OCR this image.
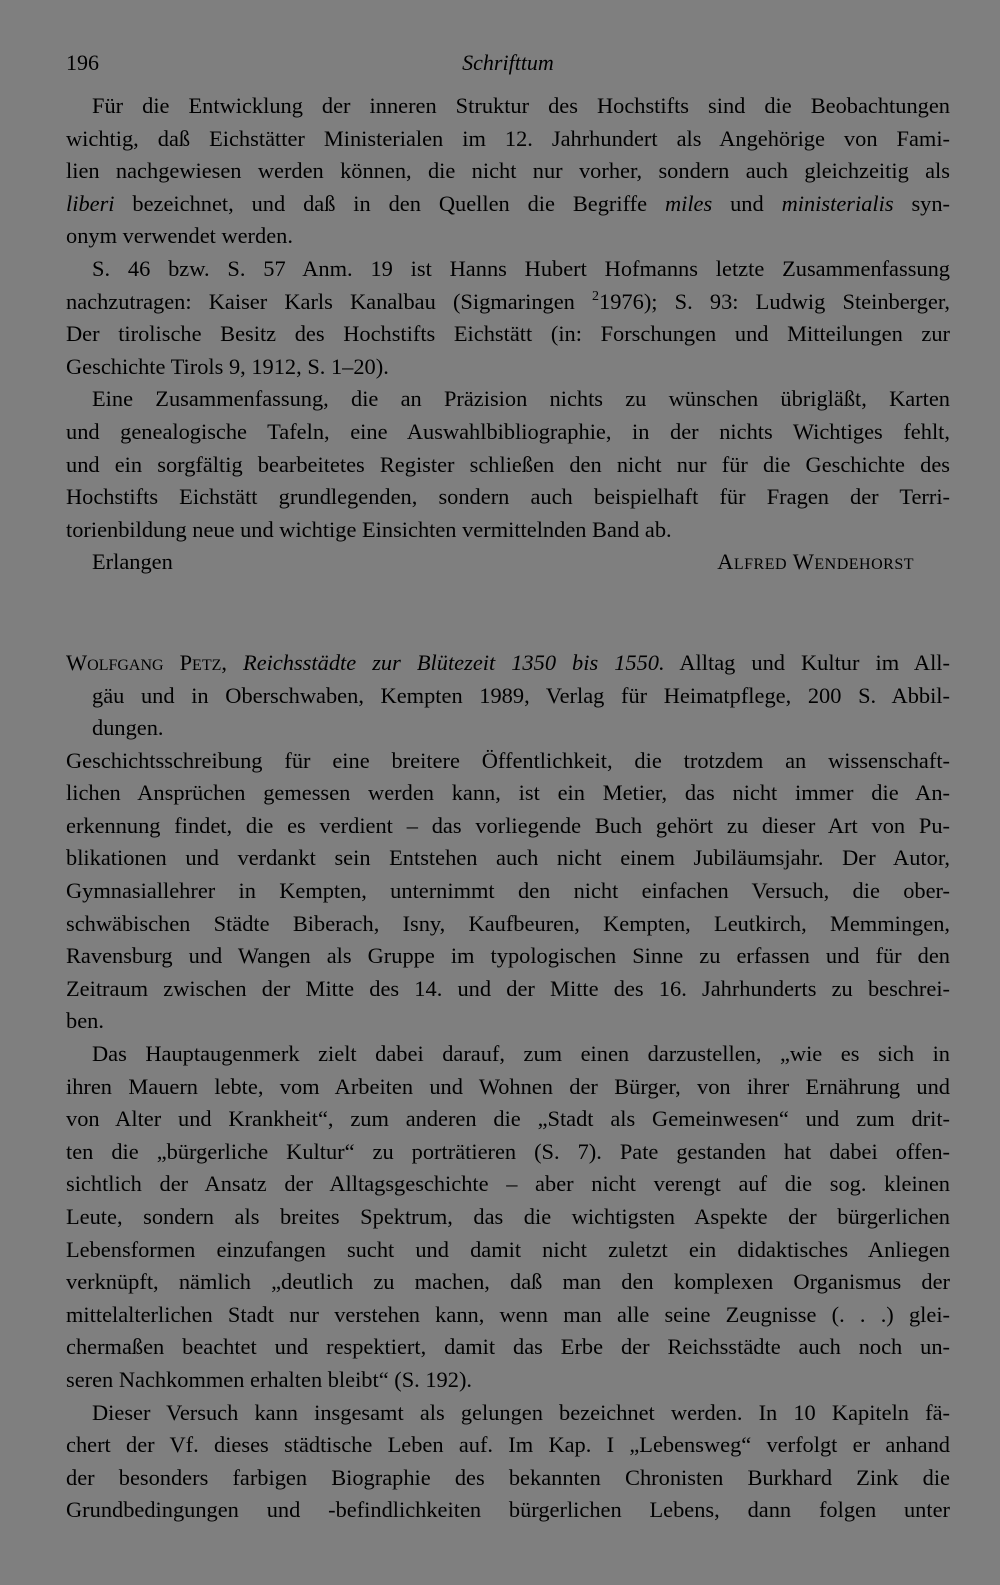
196	Schrifttum
Für die Entwicklung der inneren Struktur des Hochstifts sind die Beobachtungen
wichtig, daß Eichstätter Ministerialen im 12. Jahrhundert als Angehörige von Fami-
lien nachgewiesen werden können, die nicht nur vorher, sondern auch gleichzeitig als
liberi bezeichnet, und daß in den Quellen die Begriffe miles und ministerialis syn-
onym verwendet werden.
S. 46 bzw. S. 57 Anm. 19 ist Hanns Hubert Hofmanns letzte Zusammenfassung
nachzutragen: Kaiser Karls Kanalbau (Sigmaringen $^2$1976); S. 93: Ludwig Steinberger,
Der tirolische Besitz des Hochstifts Eichstätt (in: Forschungen und Mitteilungen zur
Geschichte Tirols 9, 1912, S. 1–20).
Eine Zusammenfassung, die an Präzision nichts zu wünschen übrigläßt, Karten
und genealogische Tafeln, eine Auswahlbibliographie, in der nichts Wichtiges fehlt,
und ein sorgfältig bearbeitetes Register schließen den nicht nur für die Geschichte des
Hochstifts Eichstätt grundlegenden, sondern auch beispielhaft für Fragen der Terri-
torienbildung neue und wichtige Einsichten vermittelnden Band ab.
Erlangen	Alfred Wendehorst
Wolfgang Petz, Reichsstädte zur Blütezeit 1350 bis 1550. Alltag und Kultur im All-
gäu und in Oberschwaben, Kempten 1989, Verlag für Heimatpflege, 200 S. Abbil-
dungen.
Geschichtsschreibung für eine breitere Öffentlichkeit, die trotzdem an wissenschaft-
lichen Ansprüchen gemessen werden kann, ist ein Metier, das nicht immer die An-
erkennung findet, die es verdient – das vorliegende Buch gehört zu dieser Art von Pu-
blikationen und verdankt sein Entstehen auch nicht einem Jubiläumsjahr. Der Autor,
Gymnasiallehrer in Kempten, unternimmt den nicht einfachen Versuch, die ober-
schwäbischen Städte Biberach, Isny, Kaufbeuren, Kempten, Leutkirch, Memmingen,
Ravensburg und Wangen als Gruppe im typologischen Sinne zu erfassen und für den
Zeitraum zwischen der Mitte des 14. und der Mitte des 16. Jahrhunderts zu beschrei-
ben.
Das Hauptaugenmerk zielt dabei darauf, zum einen darzustellen, „wie es sich in
ihren Mauern lebte, vom Arbeiten und Wohnen der Bürger, von ihrer Ernährung und
von Alter und Krankheit“, zum anderen die „Stadt als Gemeinwesen“ und zum drit-
ten die „bürgerliche Kultur“ zu porträtieren (S. 7). Pate gestanden hat dabei offen-
sichtlich der Ansatz der Alltagsgeschichte – aber nicht verengt auf die sog. kleinen
Leute, sondern als breites Spektrum, das die wichtigsten Aspekte der bürgerlichen
Lebensformen einzufangen sucht und damit nicht zuletzt ein didaktisches Anliegen
verknüpft, nämlich „deutlich zu machen, daß man den komplexen Organismus der
mittelalterlichen Stadt nur verstehen kann, wenn man alle seine Zeugnisse (. . .) glei-
chermaßen beachtet und respektiert, damit das Erbe der Reichsstädte auch noch un-
seren Nachkommen erhalten bleibt“ (S. 192).
Dieser Versuch kann insgesamt als gelungen bezeichnet werden. In 10 Kapiteln fä-
chert der Vf. dieses städtische Leben auf. Im Kap. I „Lebensweg“ verfolgt er anhand
der besonders farbigen Biographie des bekannten Chronisten Burkhard Zink die
Grundbedingungen und -befindlichkeiten bürgerlichen Lebens, dann folgen unter
